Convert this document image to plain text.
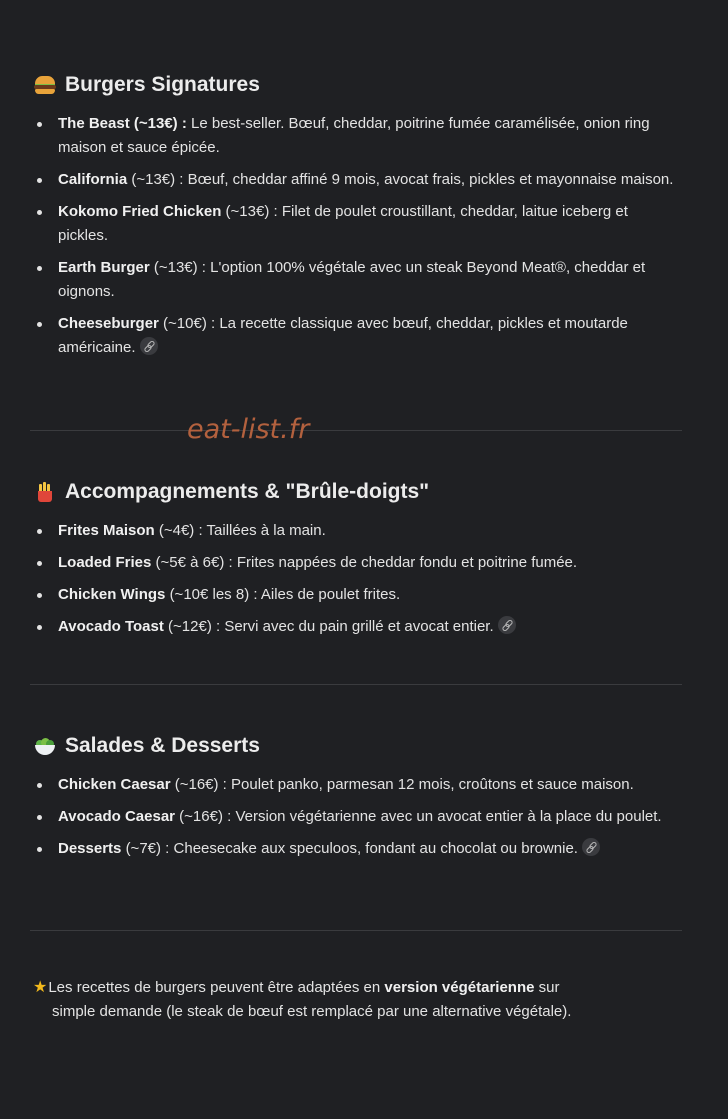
Burgers Signatures
The Beast (~13€) : Le best-seller. Bœuf, cheddar, poitrine fumée caramélisée, onion ring maison et sauce épicée.
California (~13€) : Bœuf, cheddar affiné 9 mois, avocat frais, pickles et mayonnaise maison.
Kokomo Fried Chicken (~13€) : Filet de poulet croustillant, cheddar, laitue iceberg et pickles.
Earth Burger (~13€) : L'option 100% végétale avec un steak Beyond Meat®, cheddar et oignons.
Cheeseburger (~10€) : La recette classique avec bœuf, cheddar, pickles et moutarde américaine.
eat-list.fr
Accompagnements & "Brûle-doigts"
Frites Maison (~4€) : Taillées à la main.
Loaded Fries (~5€ à 6€) : Frites nappées de cheddar fondu et poitrine fumée.
Chicken Wings (~10€ les 8) : Ailes de poulet frites.
Avocado Toast (~12€) : Servi avec du pain grillé et avocat entier.
Salades & Desserts
Chicken Caesar (~16€) : Poulet panko, parmesan 12 mois, croûtons et sauce maison.
Avocado Caesar (~16€) : Version végétarienne avec un avocat entier à la place du poulet.
Desserts (~7€) : Cheesecake aux speculoos, fondant au chocolat ou brownie.
★Les recettes de burgers peuvent être adaptées en version végétarienne sur
simple demande (le steak de bœuf est remplacé par une alternative végétale).
